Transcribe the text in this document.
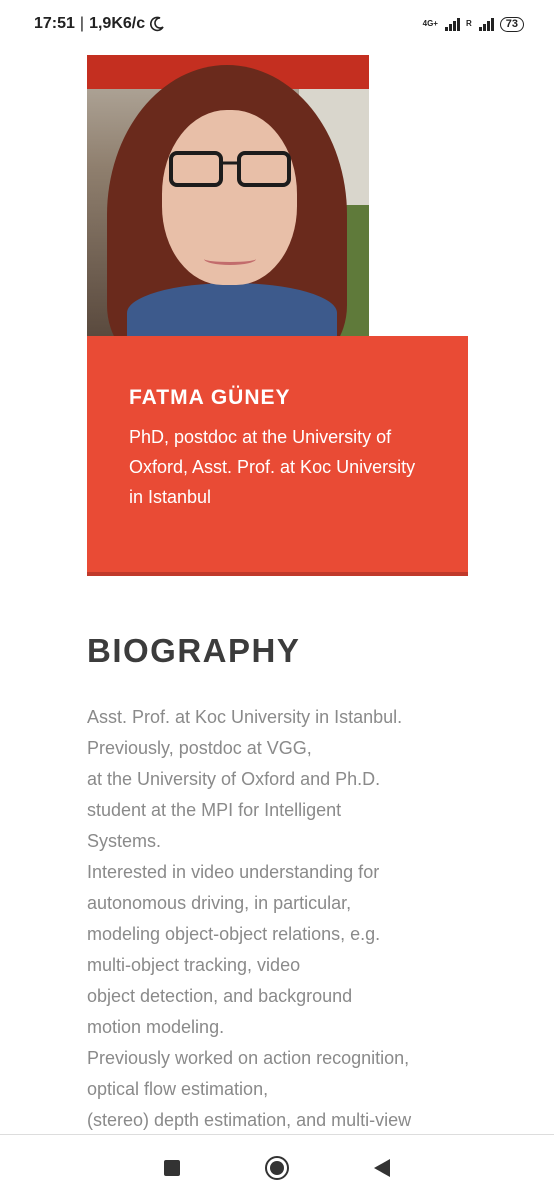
17:51 | 1,9K6/c	4G+	R	73
FATMA GÜNEY
PhD, postdoc at the University of Oxford, Asst. Prof. at Koc University in Istanbul
BIOGRAPHY
Asst. Prof. at Koc University in Istanbul.
Previously, postdoc at VGG,
at the University of Oxford and Ph.D.
student at the MPI for Intelligent
Systems.
Interested in video understanding for
autonomous driving, in particular,
modeling object-object relations, e.g.
multi-object tracking, video
object detection, and background
motion modeling.
Previously worked on action recognition,
optical flow estimation,
(stereo) depth estimation, and multi-view
